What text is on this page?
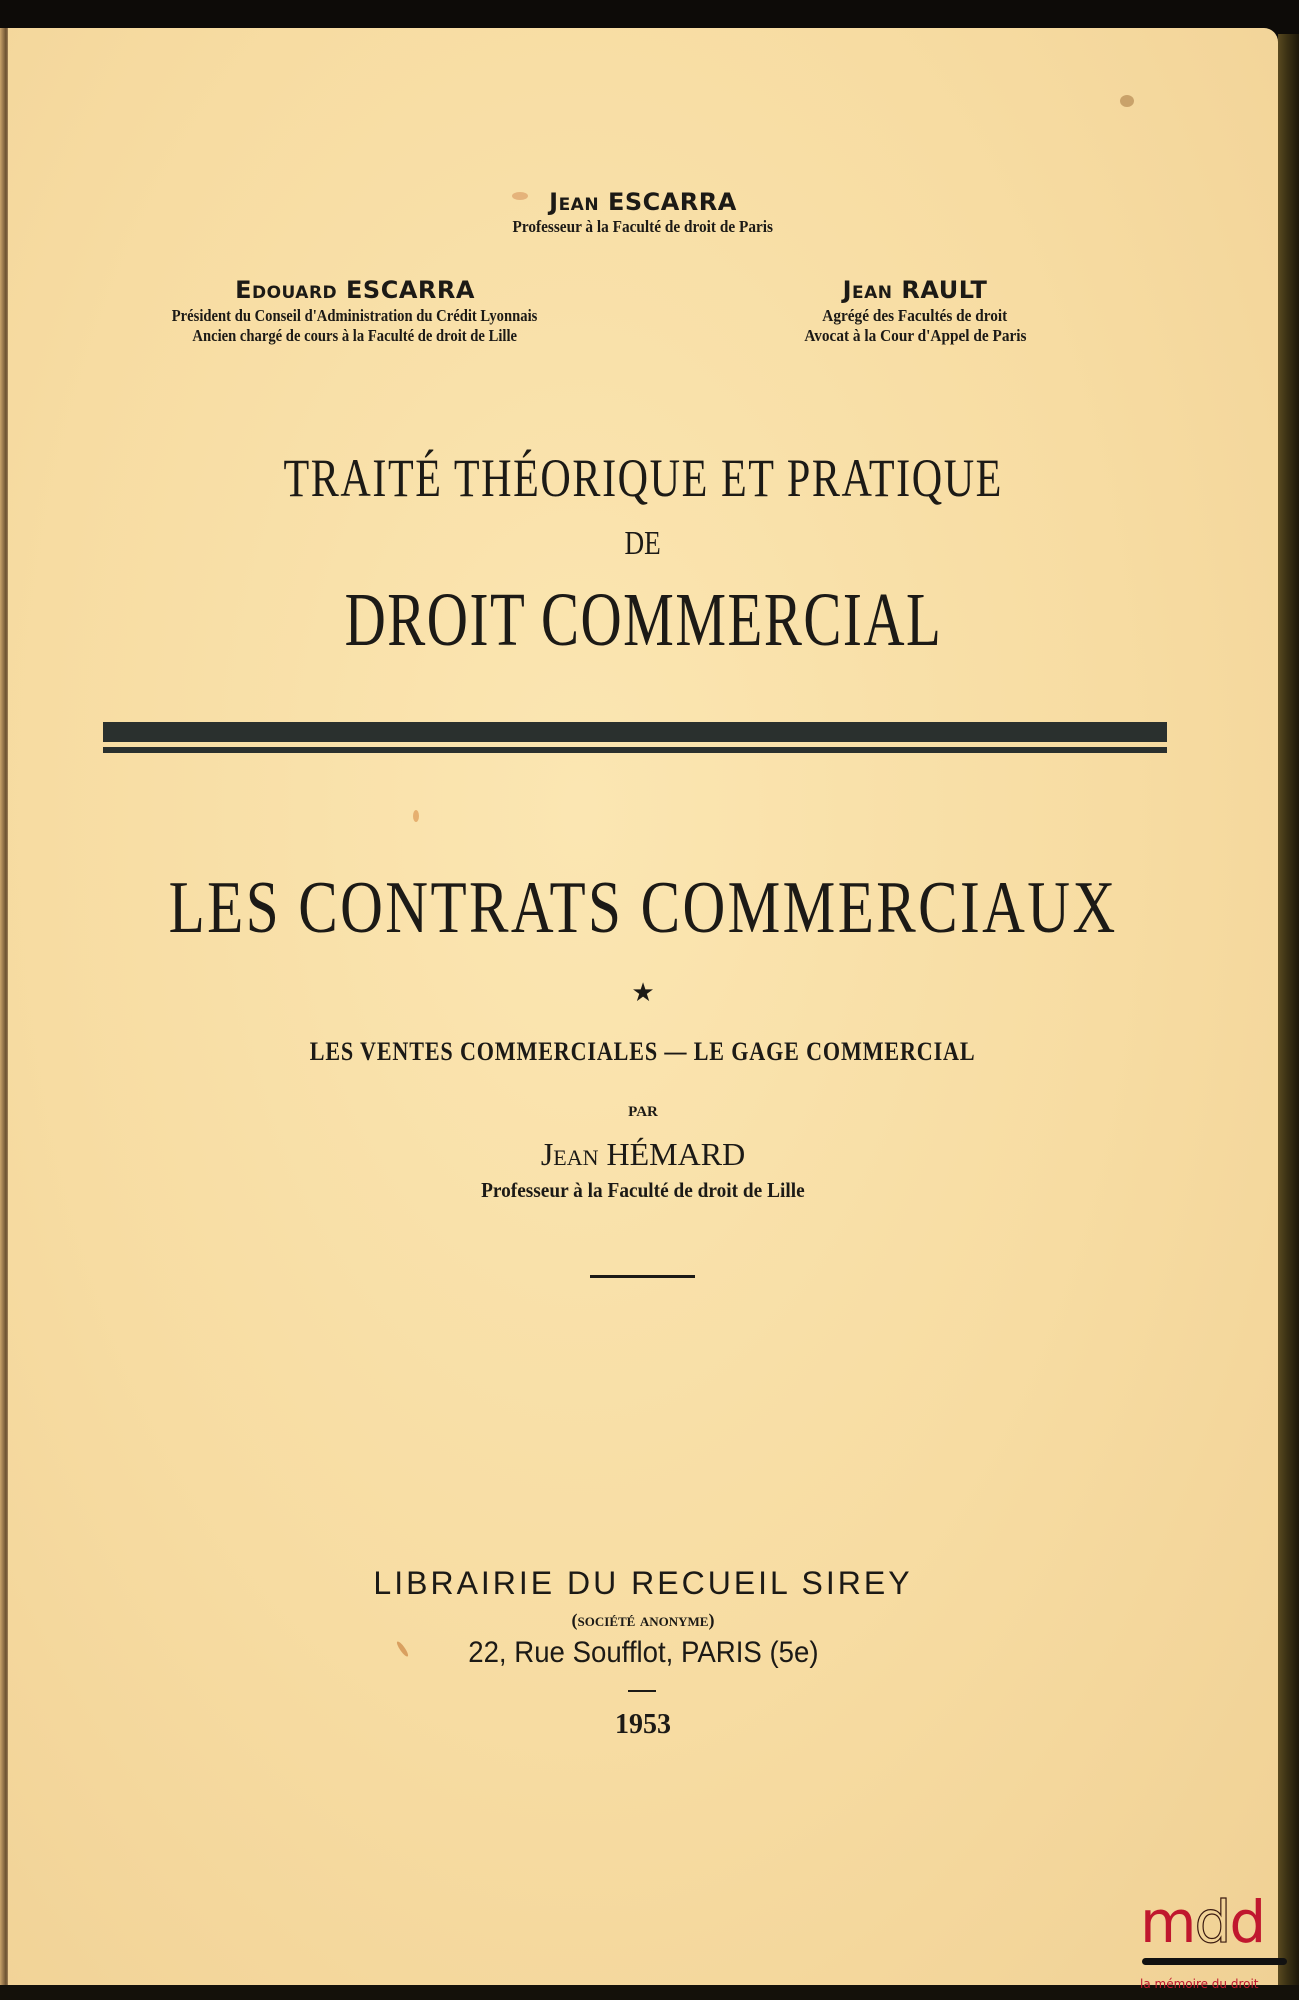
Jean ESCARRA
Professeur à la Faculté de droit de Paris
Edouard ESCARRA
Président du Conseil d'Administration du Crédit Lyonnais
Ancien chargé de cours à la Faculté de droit de Lille
Jean RAULT
Agrégé des Facultés de droit
Avocat à la Cour d'Appel de Paris
TRAITÉ THÉORIQUE ET PRATIQUE
DE
DROIT COMMERCIAL
LES CONTRATS COMMERCIAUX
★
LES VENTES COMMERCIALES — LE GAGE COMMERCIAL
PAR
Jean HÉMARD
Professeur à la Faculté de droit de Lille
LIBRAIRIE DU RECUEIL SIREY
(société anonyme)
22, Rue Soufflot, PARIS (5e)
1953
mdd
la mémoire du droit
